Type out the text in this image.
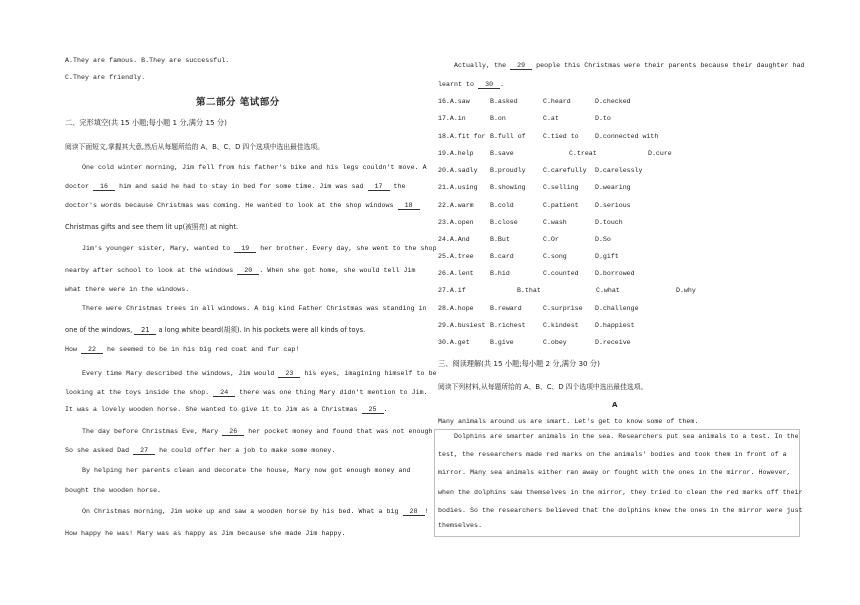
A.They are famous. B.They are successful.
C.They are friendly.
第二部分 笔试部分
二、完形填空(共 15 小题;每小题 1 分,满分 15 分)
阅读下面短文,掌握其大意,然后从每题所给的 A、B、C、D 四个选项中选出最佳选项。
One cold winter morning, Jim fell from his father's bike and his legs couldn't move. A
doctor 16 him and said he had to stay in bed for some time. Jim was sad 17 the
doctor's words because Christmas was coming. He wanted to look at the shop windows 18
Christmas gifts and see them lit up(被照亮) at night.
Jim's younger sister, Mary, wanted to 19 her brother. Every day, she went to the shop
nearby after school to look at the windows 20 . When she got home, she would tell Jim
what there were in the windows.
There were Christmas trees in all windows. A big kind Father Christmas was standing in
one of the windows, 21 a long white beard(胡须). In his pockets were all kinds of toys.
How 22 he seemed to be in his big red coat and fur cap!
Every time Mary described the windows, Jim would 23 his eyes, imagining himself to be
looking at the toys inside the shop. 24 there was one thing Mary didn't mention to Jim.
It was a lovely wooden horse. She wanted to give it to Jim as a Christmas 25 .
The day before Christmas Eve, Mary 26 her pocket money and found that was not enough.
So she asked Dad 27 he could offer her a job to make some money.
By helping her parents clean and decorate the house, Mary now got enough money and
bought the wooden horse.
On Christmas morning, Jim woke up and saw a wooden horse by his bed. What a big 28 !
How happy he was! Mary was as happy as Jim because she made Jim happy.
Actually, the 29 people this Christmas were their parents because their daughter had
learnt to 30 .
16.A.saw	B.asked	C.heard	D.checked
17.A.in	B.on	C.at	D.to
18.A.fit for B.full of	C.tied to D.connected with
19.A.help B.save	C.treat	D.cure
20.A.sadly B.proudly	C.carefully D.carelessly
21.A.using B.showing	C.selling D.wearing
22.A.warm B.cold	C.patient D.serious
23.A.open B.close	C.wash	D.touch
24.A.And	B.But	C.Or	D.So
25.A.tree B.card	C.song	D.gift
26.A.lent B.hid	C.counted D.borrowed
27.A.if	B.that	C.what	D.why
28.A.hope B.reward	C.surprise D.challenge
29.A.busiest B.richest	C.kindest D.happiest
30.A.get	B.give	C.obey	D.receive
三、阅读理解(共 15 小题;每小题 2 分,满分 30 分)
阅读下列材料,从每题所给的 A、B、C、D 四个选项中选出最佳选项。
A
Many animals around us are smart. Let's get to know some of them.
Dolphins are smarter animals in the sea. Researchers put sea animals to a test. In the
test, the researchers made red marks on the animals' bodies and took them in front of a
mirror. Many sea animals either ran away or fought with the ones in the mirror. However,
when the dolphins saw themselves in the mirror, they tried to clean the red marks off their
bodies. So the researchers believed that the dolphins knew the ones in the mirror were just
themselves.
